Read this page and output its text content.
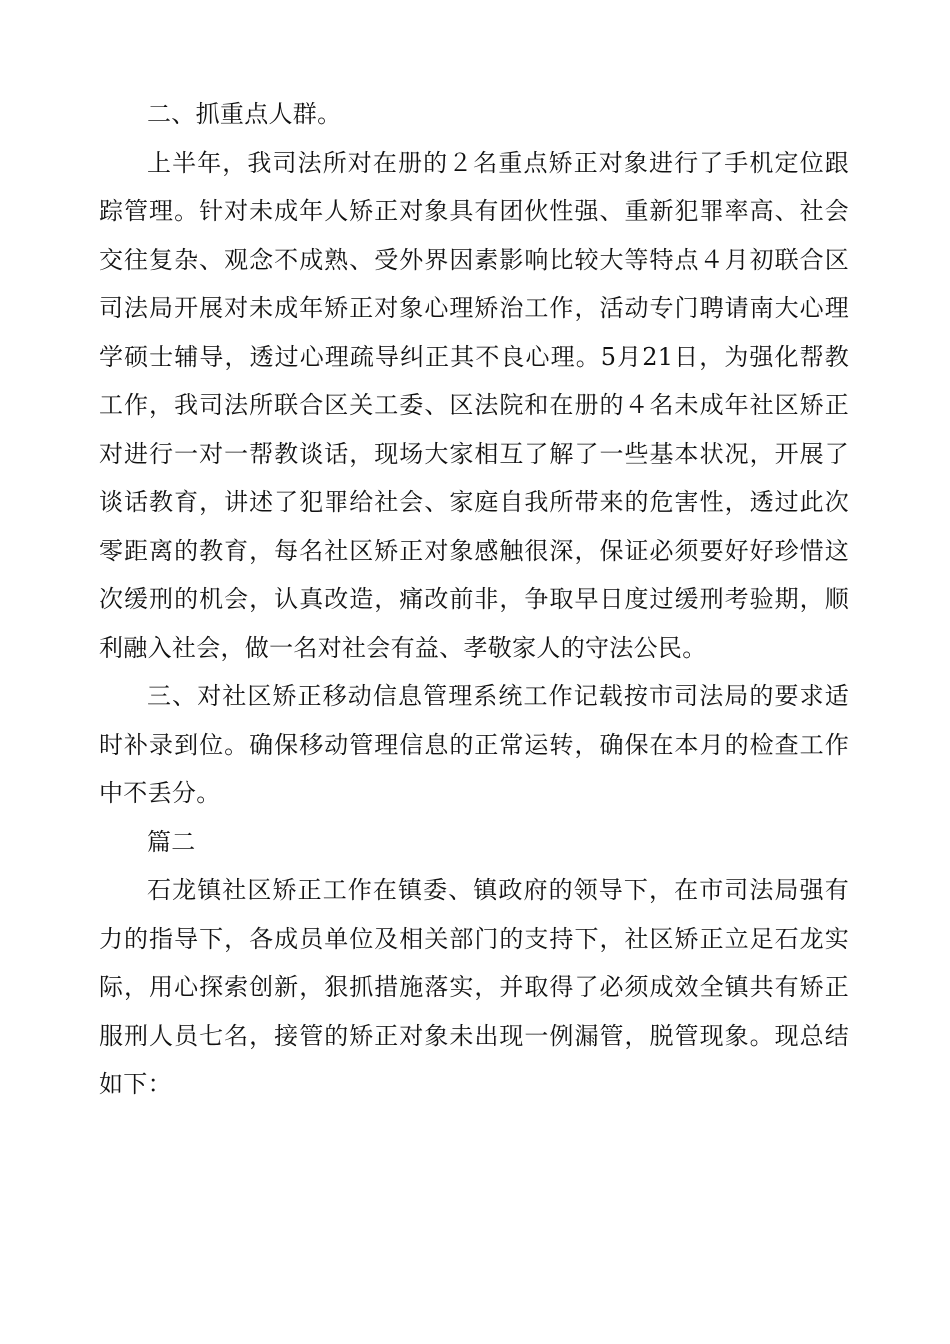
二、抓重点人群。

上半年，我司法所对在册的２名重点矫正对象进行了手机定位跟踪管理。针对未成年人矫正对象具有团伙性强、重新犯罪率高、社会交往复杂、观念不成熟、受外界因素影响比较大等特点４月初联合区司法局开展对未成年矫正对象心理矫治工作，活动专门聘请南大心理学硕士辅导，透过心理疏导纠正其不良心理。5月21日，为强化帮教工作，我司法所联合区关工委、区法院和在册的４名未成年社区矫正对进行一对一帮教谈话，现场大家相互了解了一些基本状况，开展了谈话教育，讲述了犯罪给社会、家庭自我所带来的危害性，透过此次零距离的教育，每名社区矫正对象感触很深，保证必须要好好珍惜这次缓刑的机会，认真改造，痛改前非，争取早日度过缓刑考验期，顺利融入社会，做一名对社会有益、孝敬家人的守法公民。

三、对社区矫正移动信息管理系统工作记载按市司法局的要求适时补录到位。确保移动管理信息的正常运转，确保在本月的检查工作中不丢分。

篇二

石龙镇社区矫正工作在镇委、镇政府的领导下，在市司法局强有力的指导下，各成员单位及相关部门的支持下，社区矫正立足石龙实际，用心探索创新，狠抓措施落实，并取得了必须成效全镇共有矫正服刑人员七名，接管的矫正对象未出现一例漏管，脱管现象。现总结如下：
